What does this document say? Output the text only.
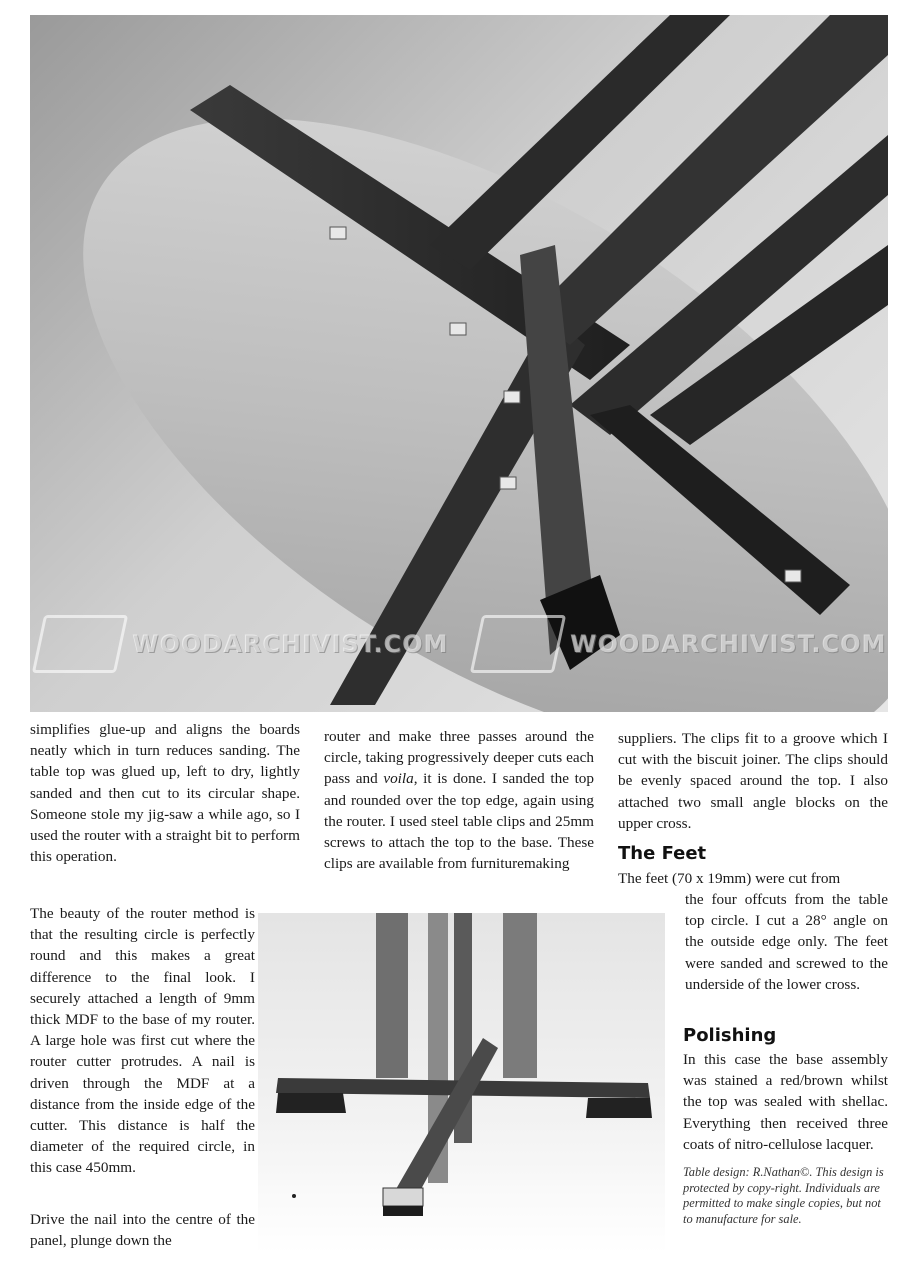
WOODARCHIVIST.COM	WOODARCHIVIST.COM

simplifies glue-up and aligns the boards neatly which in turn reduces sanding. The table top was glued up, left to dry, lightly sanded and then cut to its circular shape. Someone stole my jig-saw a while ago, so I used the router with a straight bit to perform this operation.

The beauty of the router method is that the resulting circle is perfectly round and this makes a great difference to the final look. I securely attached a length of 9mm thick MDF to the base of my router. A large hole was first cut where the router cutter protrudes. A nail is driven through the MDF at a distance from the inside edge of the cutter. This distance is half the diameter of the required circle, in this case 450mm.

Drive the nail into the centre of the panel, plunge down the

router and make three passes around the circle, taking progressively deeper cuts each pass and voila, it is done. I sanded the top and rounded over the top edge, again using the router. I used steel table clips and 25mm screws to attach the top to the base. These clips are available from furnituremaking

suppliers. The clips fit to a groove which I cut with the biscuit joiner. The clips should be evenly spaced around the top. I also attached two small angle blocks on the upper cross.

The Feet

The feet (70 x 19mm) were cut from

the four offcuts from the table top circle. I cut a 28° angle on the outside edge only. The feet were sanded and screwed to the underside of the lower cross.

Polishing

In this case the base assembly was stained a red/brown whilst the top was sealed with shellac. Everything then received three coats of nitro-cellulose lacquer.

Table design: R.Nathan©. This design is protected by copy-right. Individuals are permitted to make single copies, but not to manufacture for sale.
